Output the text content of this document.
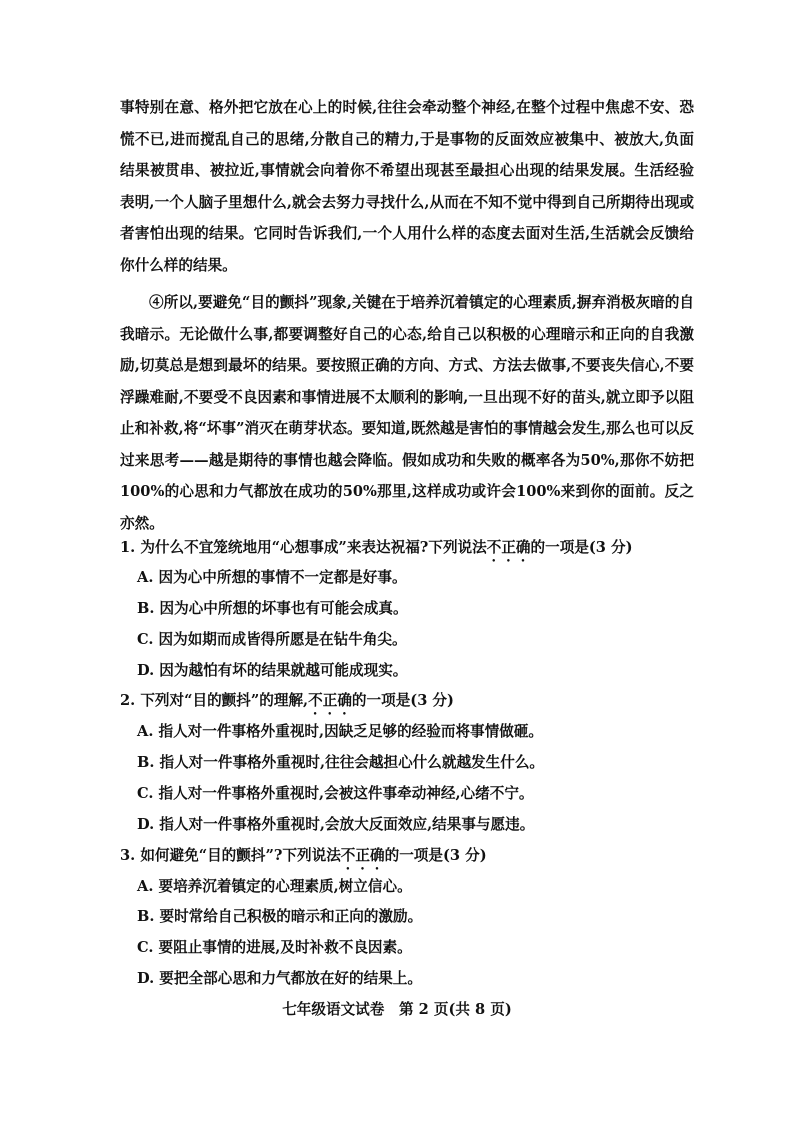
事特别在意、格外把它放在心上的时候,往往会牵动整个神经,在整个过程中焦虑不安、恐慌不已,进而搅乱自己的思绪,分散自己的精力,于是事物的反面效应被集中、被放大,负面结果被贯串、被拉近,事情就会向着你不希望出现甚至最担心出现的结果发展。生活经验表明,一个人脑子里想什么,就会去努力寻找什么,从而在不知不觉中得到自己所期待出现或者害怕出现的结果。它同时告诉我们,一个人用什么样的态度去面对生活,生活就会反馈给你什么样的结果。
④所以,要避免“目的颤抖”现象,关键在于培养沉着镇定的心理素质,摒弃消极灰暗的自我暗示。无论做什么事,都要调整好自己的心态,给自己以积极的心理暗示和正向的自我激励,切莫总是想到最坏的结果。要按照正确的方向、方式、方法去做事,不要丧失信心,不要浮躁难耐,不要受不良因素和事情进展不太顺利的影响,一旦出现不好的苗头,就立即予以阻止和补救,将“坏事”消灭在萌芽状态。要知道,既然越是害怕的事情越会发生,那么也可以反过来思考——越是期待的事情也越会降临。假如成功和失败的概率各为50%,那你不妨把100%的心思和力气都放在成功的50%那里,这样成功或许会100%来到你的面前。反之亦然。
1. 为什么不宜笼统地用“心想事成”来表达祝福?下列说法不正确的一项是(3 分)
A. 因为心中所想的事情不一定都是好事。
B. 因为心中所想的坏事也有可能会成真。
C. 因为如期而成皆得所愿是在钻牛角尖。
D. 因为越怕有坏的结果就越可能成现实。
2. 下列对“目的颤抖”的理解,不正确的一项是(3 分)
A. 指人对一件事格外重视时,因缺乏足够的经验而将事情做砸。
B. 指人对一件事格外重视时,往往会越担心什么就越发生什么。
C. 指人对一件事格外重视时,会被这件事牵动神经,心绪不宁。
D. 指人对一件事格外重视时,会放大反面效应,结果事与愿违。
3. 如何避免“目的颤抖”?下列说法不正确的一项是(3 分)
A. 要培养沉着镇定的心理素质,树立信心。
B. 要时常给自己积极的暗示和正向的激励。
C. 要阻止事情的进展,及时补救不良因素。
D. 要把全部心思和力气都放在好的结果上。
七年级语文试卷　第 2 页(共 8 页)
